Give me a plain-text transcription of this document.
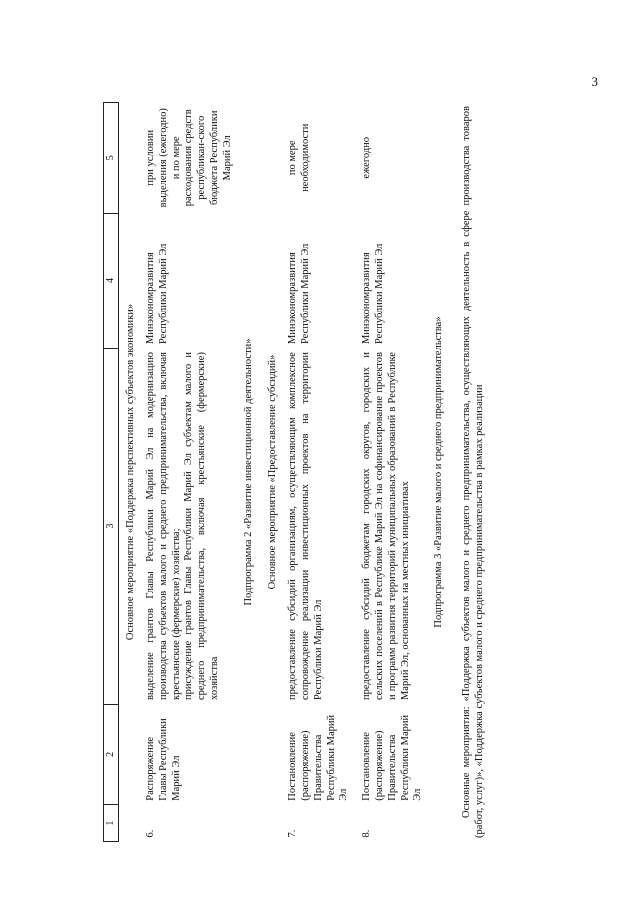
3
1	2	3	4	5
Основное мероприятие «Поддержка перспективных субъектов экономики»				
6.	Распоряжение Главы Республики Марий Эл	выделение грантов Главы Республики Марий Эл на модернизацию производства субъектов малого и среднего предпринимательства, включая крестьянские (фермерские) хозяйства;
присуждение грантов Главы Республики Марий Эл субъектам малого и среднего предпринимательства, включая крестьянские (фермерские) хозяйства	Минэкономразвития Республики Марий Эл	при условии выделения (ежегодно) и по мере расходования средств республикан-ского бюджета Республики Марий Эл
Подпрограмма 2 «Развитие инвестиционной деятельности»				
Основное мероприятие «Предоставление субсидий»				
7.	Постановление (распоряжение) Правительства Республики Марий Эл	предоставление субсидий организациям, осуществляющим комплексное сопровождение реализации инвестиционных проектов на территории Республики Марий Эл	Минэкономразвития Республики Марий Эл	по мере необходимости
8.	Постановление (распоряжение) Правительства Республики Марий Эл	предоставление субсидий бюджетам городских округов, городских и сельских поселений в Республике Марий Эл на софинансирование проектов и программ развития территорий муниципальных образований в Республике Марий Эл, основанных на местных инициативах	Минэкономразвития Республики Марий Эл	ежегодно
Подпрограмма 3 «Развитие малого и среднего предпринимательства»					Основные мероприятия: «Поддержка субъектов малого и среднего предпринимательства, осуществляющих деятельность в сфере производства товаров (работ, услуг)», «Поддержка субъектов малого и среднего предпринимательства в рамках реализации
